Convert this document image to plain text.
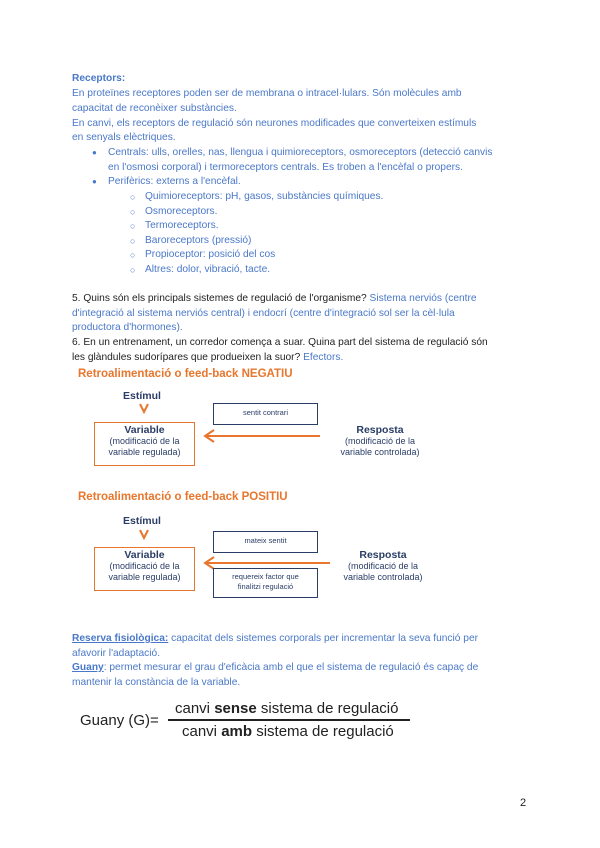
Receptors:
En proteïnes receptores poden ser de membrana o intracel·lulars. Són molècules amb
capacitat de reconèixer substàncies.
En canvi, els receptors de regulació són neurones modificades que converteixen estímuls
en senyals elèctriques.
● Centrals: ulls, orelles, nas, llengua i quimioreceptors, osmoreceptors (detecció canvis
en l'osmosi corporal) i termoreceptors centrals. Es troben a l'encèfal o propers.
● Perifèrics: externs a l'encèfal.
○ Quimioreceptors: pH, gasos, substàncies químiques.
○ Osmoreceptors.
○ Termoreceptors.
○ Baroreceptors (pressió)
○ Propioceptor: posició del cos
○ Altres: dolor, vibració, tacte.
5. Quins són els principals sistemes de regulació de l'organisme? Sistema nerviós (centre
d'integració al sistema nerviós central) i endocrí (centre d'integració sol ser la cèl·lula
productora d'hormones).
6. En un entrenament, un corredor comença a suar. Quina part del sistema de regulació són
les glàndules sudorípares que produeixen la suor? Efectors.
Retroalimentació o feed-back NEGATIU
Estímul
Variable
(modificació de la
variable regulada)
sentit contrari
Resposta
(modificació de la
variable controlada)
Retroalimentació o feed-back POSITIU
Estímul
Variable
(modificació de la
variable regulada)
mateix sentit
requereix factor que
finalitzi regulació
Resposta
(modificació de la
variable controlada)
Reserva fisiològica: capacitat dels sistemes corporals per incrementar la seva funció per
afavorir l'adaptació.
Guany: permet mesurar el grau d'eficàcia amb el que el sistema de regulació és capaç de
mantenir la constància de la variable.
Guany (G)=
canvi sense sistema de regulació
canvi amb sistema de regulació
2
